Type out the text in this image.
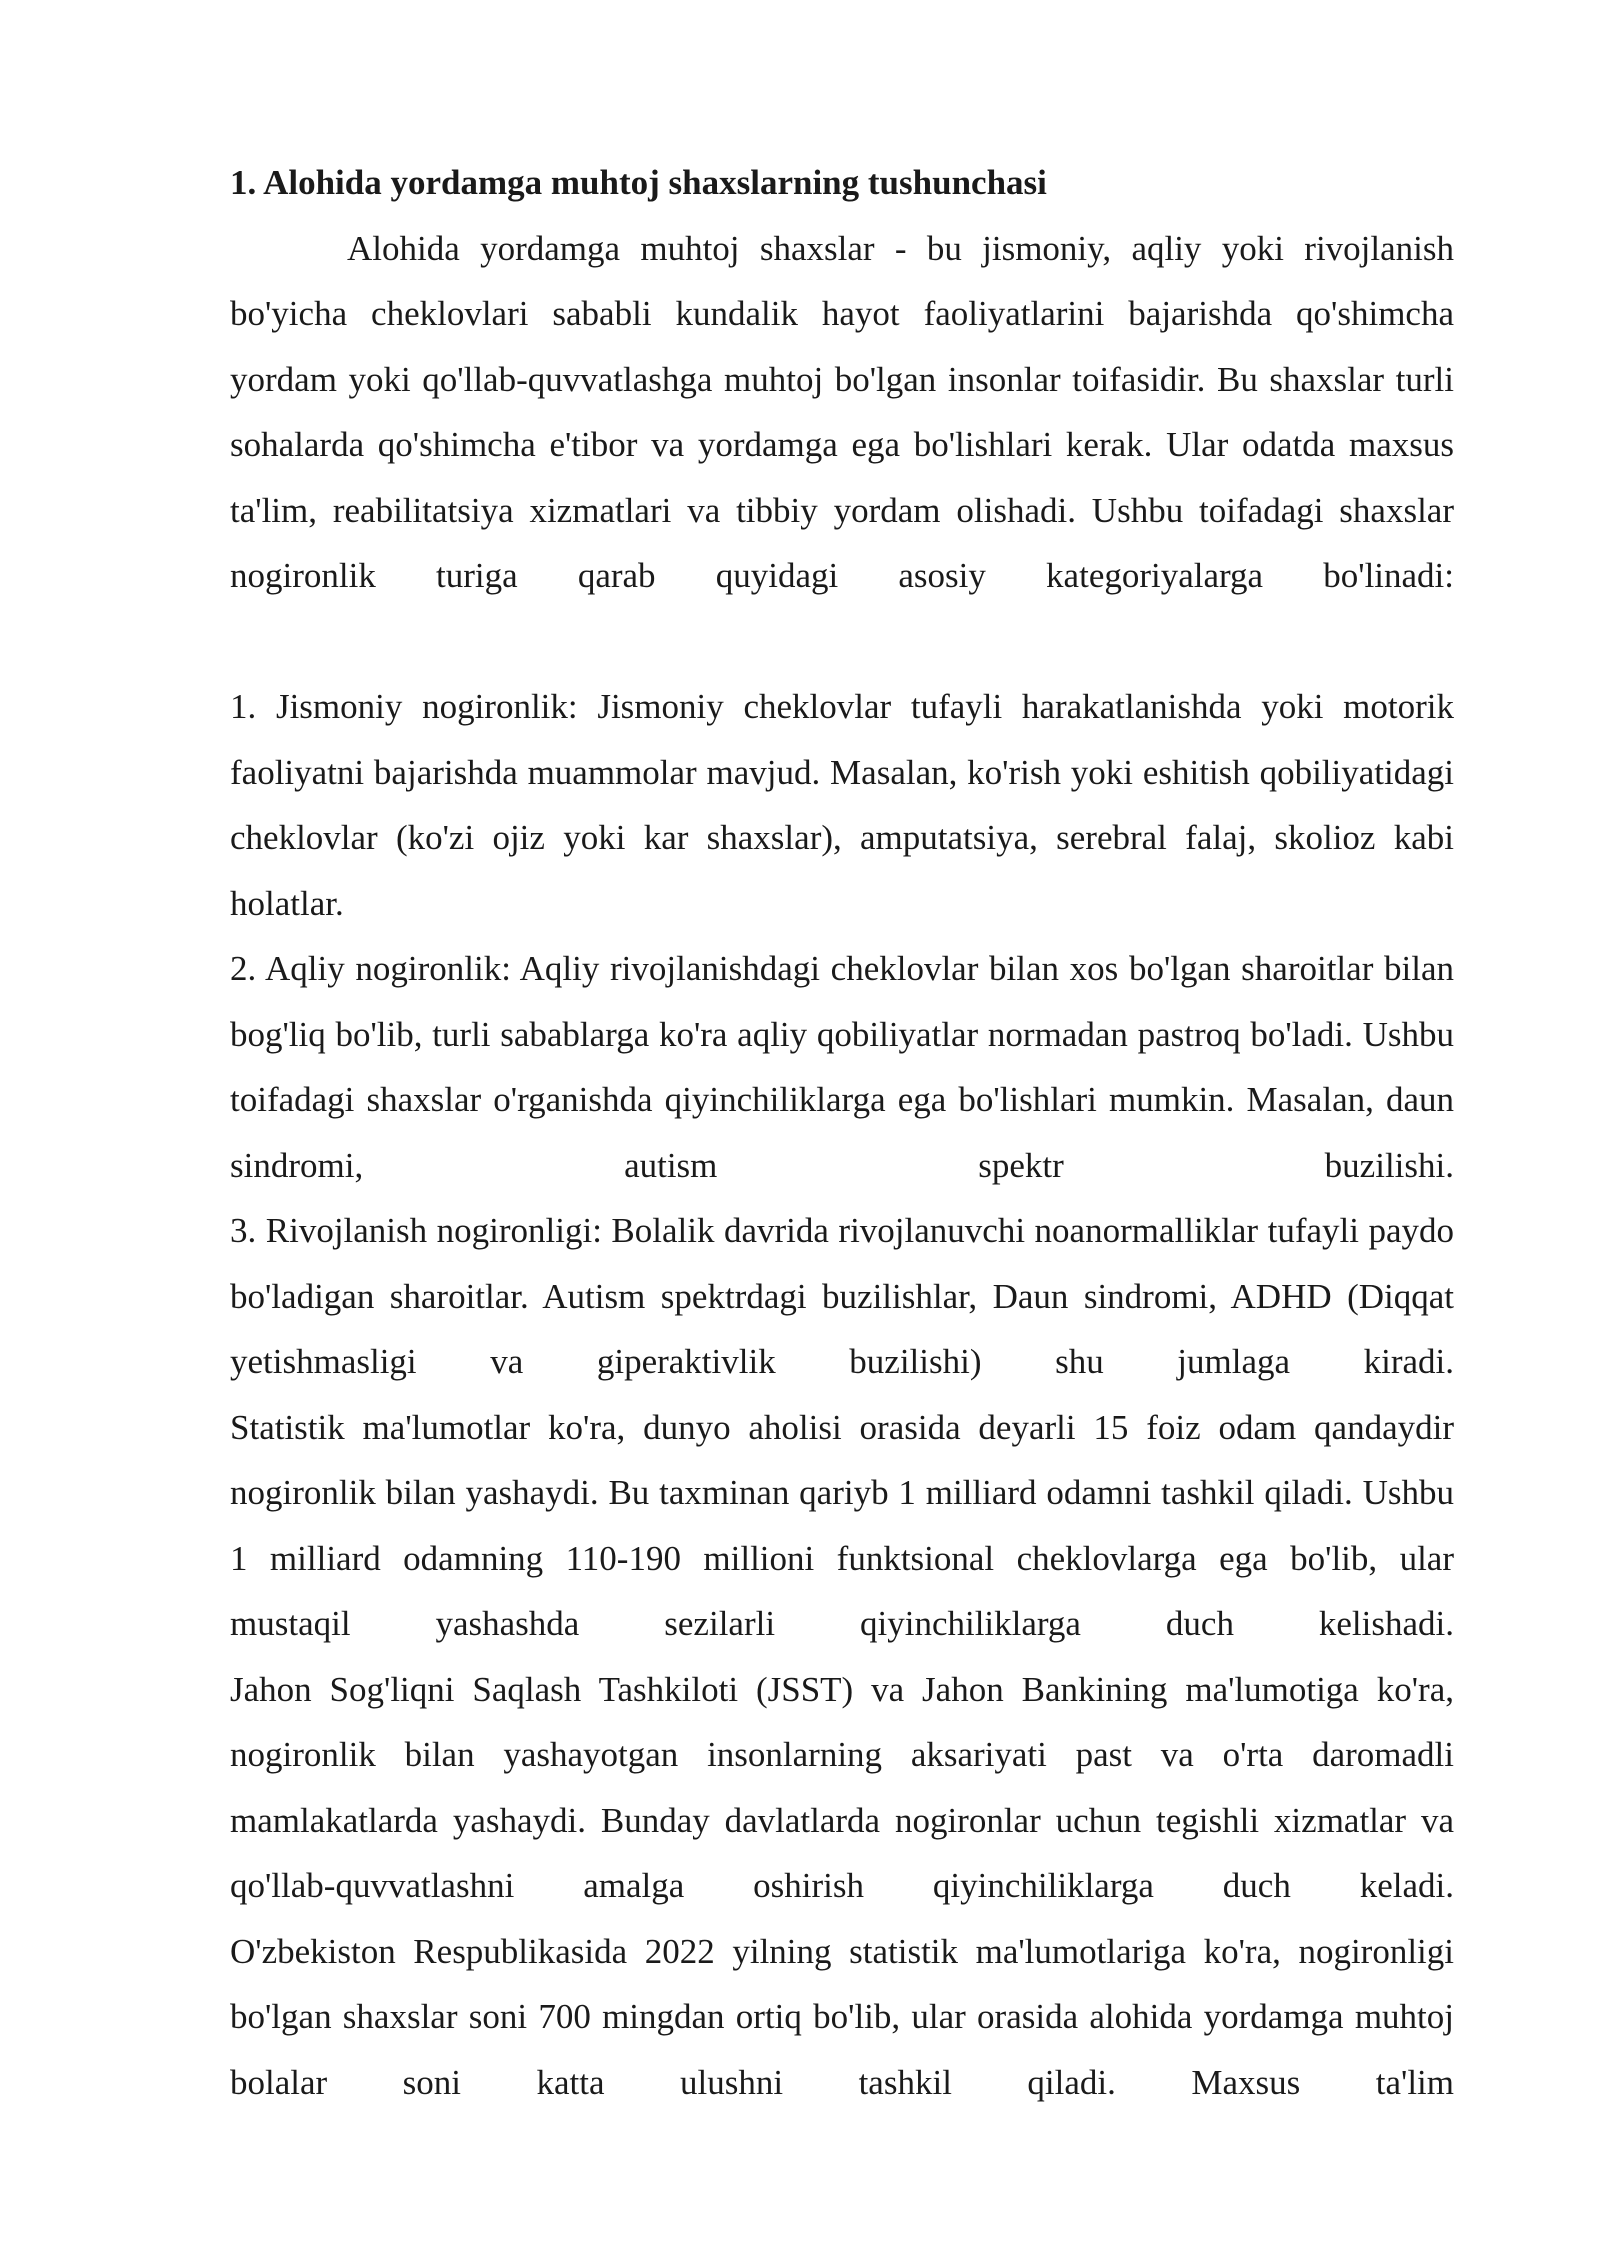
1. Alohida yordamga muhtoj shaxslarning tushunchasi

Alohida yordamga muhtoj shaxslar - bu jismoniy, aqliy yoki rivojlanish bo'yicha cheklovlari sababli kundalik hayot faoliyatlarini bajarishda qo'shimcha yordam yoki qo'llab-quvvatlashga muhtoj bo'lgan insonlar toifasidir. Bu shaxslar turli sohalarda qo'shimcha e'tibor va yordamga ega bo'lishlari kerak. Ular odatda maxsus ta'lim, reabilitatsiya xizmatlari va tibbiy yordam olishadi. Ushbu toifadagi shaxslar nogironlik turiga qarab quyidagi asosiy kategoriyalarga bo'linadi:

1. Jismoniy nogironlik: Jismoniy cheklovlar tufayli harakatlanishda yoki motorik faoliyatni bajarishda muammolar mavjud. Masalan, ko'rish yoki eshitish qobiliyatidagi cheklovlar (ko'zi ojiz yoki kar shaxslar), amputatsiya, serebral falaj, skolioz kabi holatlar.

2. Aqliy nogironlik: Aqliy rivojlanishdagi cheklovlar bilan xos bo'lgan sharoitlar bilan bog'liq bo'lib, turli sabablarga ko'ra aqliy qobiliyatlar normadan pastroq bo'ladi. Ushbu toifadagi shaxslar o'rganishda qiyinchiliklarga ega bo'lishlari mumkin. Masalan, daun sindromi, autism spektr buzilishi.

3. Rivojlanish nogironligi: Bolalik davrida rivojlanuvchi noanormalliklar tufayli paydo bo'ladigan sharoitlar. Autism spektrdagi buzilishlar, Daun sindromi, ADHD (Diqqat yetishmasligi va giperaktivlik buzilishi) shu jumlaga kiradi.

Statistik ma'lumotlar ko'ra, dunyo aholisi orasida deyarli 15 foiz odam qandaydir nogironlik bilan yashaydi. Bu taxminan qariyb 1 milliard odamni tashkil qiladi. Ushbu 1 milliard odamning 110-190 millioni funktsional cheklovlarga ega bo'lib, ular mustaqil yashashda sezilarli qiyinchiliklarga duch kelishadi.

Jahon Sog'liqni Saqlash Tashkiloti (JSST) va Jahon Bankining ma'lumotiga ko'ra, nogironlik bilan yashayotgan insonlarning aksariyati past va o'rta daromadli mamlakatlarda yashaydi. Bunday davlatlarda nogironlar uchun tegishli xizmatlar va qo'llab-quvvatlashni amalga oshirish qiyinchiliklarga duch keladi.

O'zbekiston Respublikasida 2022 yilning statistik ma'lumotlariga ko'ra, nogironligi bo'lgan shaxslar soni 700 mingdan ortiq bo'lib, ular orasida alohida yordamga muhtoj bolalar soni katta ulushni tashkil qiladi. Maxsus ta'lim
